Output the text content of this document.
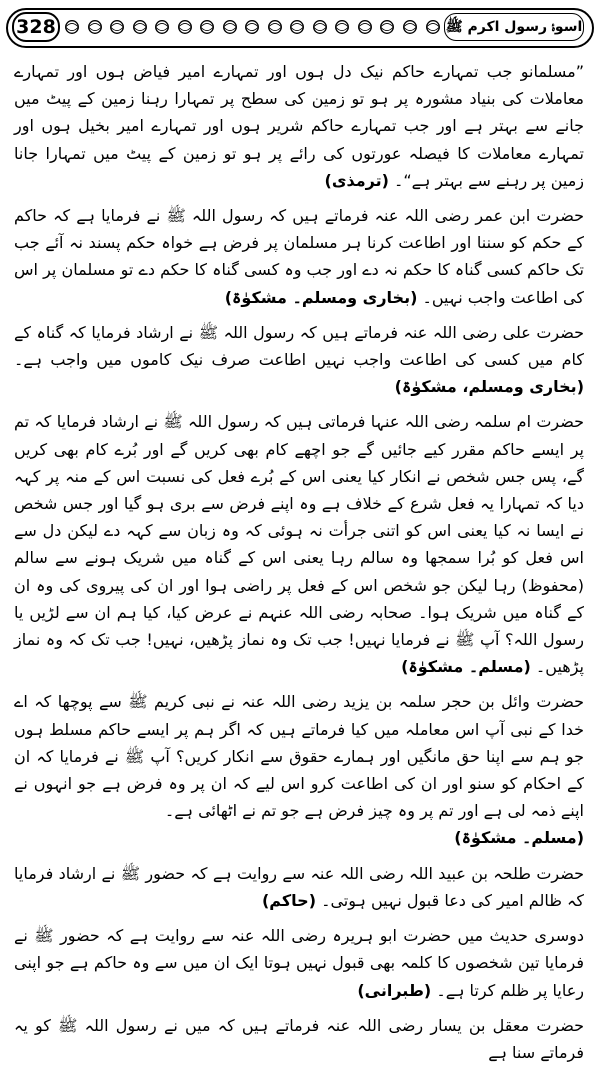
328	اسوۂ رسول اکرم ﷺ

”مسلمانو جب تمہارے حاکم نیک دل ہوں اور تمہارے امیر فیاض ہوں اور تمہارے معاملات کی بنیاد مشورہ پر ہو تو زمین کی سطح پر تمہارا رہنا زمین کے پیٹ میں جانے سے بہتر ہے اور جب تمہارے حاکم شریر ہوں اور تمہارے امیر بخیل ہوں اور تمہارے معاملات کا فیصلہ عورتوں کی رائے پر ہو تو زمین کے پیٹ میں تمہارا جانا زمین پر رہنے سے بہتر ہے“۔ (ترمذی)

حضرت ابن عمر رضی اللہ عنہ فرماتے ہیں کہ رسول اللہ ﷺ نے فرمایا ہے کہ حاکم کے حکم کو سننا اور اطاعت کرنا ہر مسلمان پر فرض ہے خواہ حکم پسند نہ آئے جب تک حاکم کسی گناہ کا حکم نہ دے اور جب وہ کسی گناہ کا حکم دے تو مسلمان پر اس کی اطاعت واجب نہیں۔ (بخاری ومسلم۔ مشکوٰۃ)

حضرت علی رضی اللہ عنہ فرماتے ہیں کہ رسول اللہ ﷺ نے ارشاد فرمایا کہ گناہ کے کام میں کسی کی اطاعت واجب نہیں اطاعت صرف نیک کاموں میں واجب ہے۔ (بخاری ومسلم، مشکوٰۃ)

حضرت ام سلمہ رضی اللہ عنہا فرماتی ہیں کہ رسول اللہ ﷺ نے ارشاد فرمایا کہ تم پر ایسے حاکم مقرر کیے جائیں گے جو اچھے کام بھی کریں گے اور بُرے کام بھی کریں گے، پس جس شخص نے انکار کیا یعنی اس کے بُرے فعل کی نسبت اس کے منہ پر کہہ دیا کہ تمہارا یہ فعل شرع کے خلاف ہے وہ اپنے فرض سے بری ہو گیا اور جس شخص نے ایسا نہ کیا یعنی اس کو اتنی جرأت نہ ہوئی کہ وہ زبان سے کہہ دے لیکن دل سے اس فعل کو بُرا سمجھا وہ سالم رہا یعنی اس کے گناہ میں شریک ہونے سے سالم (محفوظ) رہا لیکن جو شخص اس کے فعل پر راضی ہوا اور ان کی پیروی کی وہ ان کے گناہ میں شریک ہوا۔ صحابہ رضی اللہ عنہم نے عرض کیا، کیا ہم ان سے لڑیں یا رسول اللہ؟ آپ ﷺ نے فرمایا نہیں! جب تک وہ نماز پڑھیں، نہیں! جب تک کہ وہ نماز پڑھیں۔ (مسلم۔ مشکوٰۃ)

حضرت وائل بن حجر سلمہ بن یزید رضی اللہ عنہ نے نبی کریم ﷺ سے پوچھا کہ اے خدا کے نبی آپ اس معاملہ میں کیا فرماتے ہیں کہ اگر ہم پر ایسے حاکم مسلط ہوں جو ہم سے اپنا حق مانگیں اور ہمارے حقوق سے انکار کریں؟ آپ ﷺ نے فرمایا کہ ان کے احکام کو سنو اور ان کی اطاعت کرو اس لیے کہ ان پر وہ فرض ہے جو انہوں نے اپنے ذمہ لی ہے اور تم پر وہ چیز فرض ہے جو تم نے اٹھائی ہے۔

(مسلم۔ مشکوٰۃ)

حضرت طلحہ بن عبید اللہ رضی اللہ عنہ سے روایت ہے کہ حضور ﷺ نے ارشاد فرمایا کہ ظالم امیر کی دعا قبول نہیں ہوتی۔ (حاکم)

دوسری حدیث میں حضرت ابو ہریرہ رضی اللہ عنہ سے روایت ہے کہ حضور ﷺ نے فرمایا تین شخصوں کا کلمہ بھی قبول نہیں ہوتا ایک ان میں سے وہ حاکم ہے جو اپنی رعایا پر ظلم کرتا ہے۔ (طبرانی)

حضرت معقل بن یسار رضی اللہ عنہ فرماتے ہیں کہ میں نے رسول اللہ ﷺ کو یہ فرماتے سنا ہے
